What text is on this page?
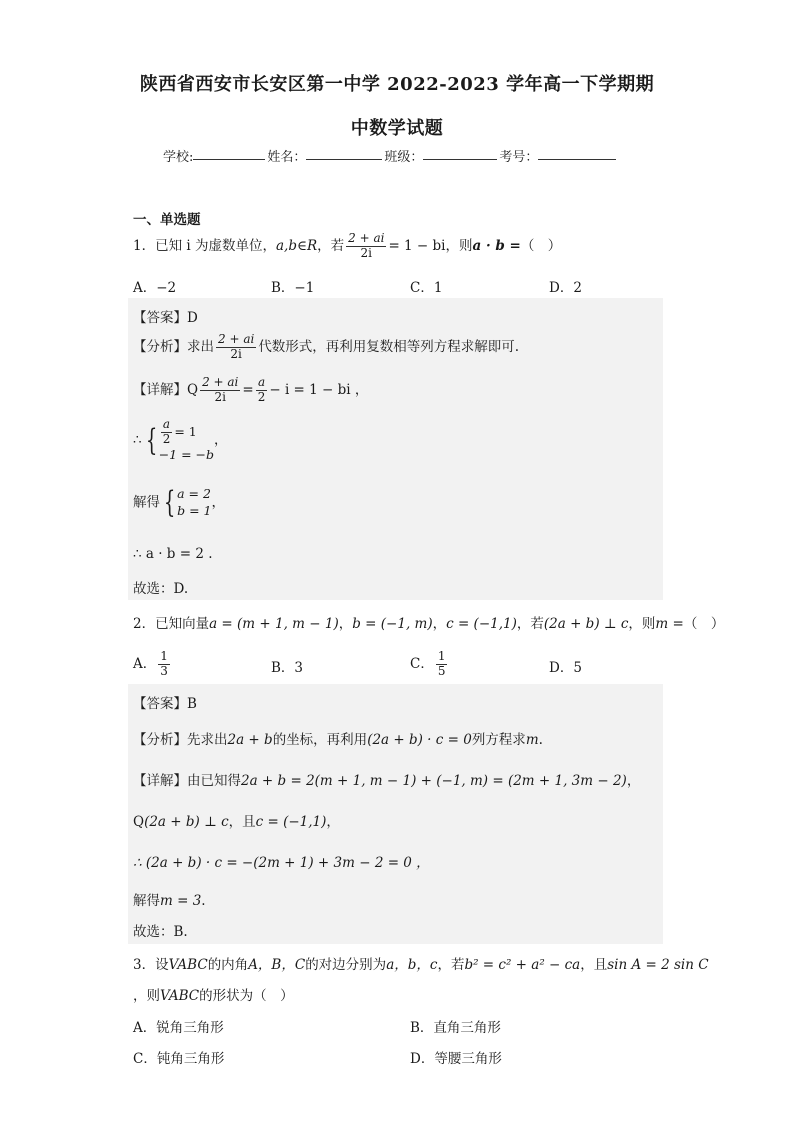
陕西省西安市长安区第一中学 2022-2023 学年高一下学期期
中数学试题
学校:	姓名：	班级：	考号：
一、单选题
1．已知 i 为虚数单位，a,b∈R，若 $\frac{2 + ai}{2i} = 1$ − bi，则a · b =（　）
A．−2	B．−1	C．1	D．2
【答案】D
【分析】求出 $\frac{2 + ai}{2i}$ 代数形式，再利用复数相等列方程求解即可.
【详解】Q $\frac{2 + ai}{2i} = \frac{a}{2} - i = 1$ − bi ，
∴ { $\frac{a}{2} = 1$
−1 = −b
，
解得 { a = 2
b = 1 ，
∴ a · b = 2 .
故选：D.
2．已知向量a = (m + 1, m − 1)，b = (−1, m)，c = (−1,1)，若(2a + b) ⊥ c，则m =（　）
A． $\frac{1}{3}$	B．3	C． $\frac{1}{5}$	D．5
【答案】B
【分析】先求出2a + b的坐标，再利用(2a + b) · c = 0列方程求m.
【详解】由已知得2a + b = 2(m + 1, m − 1) + (−1, m) = (2m + 1, 3m − 2)，
Q(2a + b) ⊥ c，且c = (−1,1)，
∴ (2a + b) · c = −(2m + 1) + 3m − 2 = 0 ，
解得m = 3.
故选：B.
3．设VABC的内角A，B，C的对边分别为a，b，c，若b² = c² + a² − ca，且sin A = 2 sin C
，则VABC的形状为（　）
A．锐角三角形	B．直角三角形
C．钝角三角形	D．等腰三角形
